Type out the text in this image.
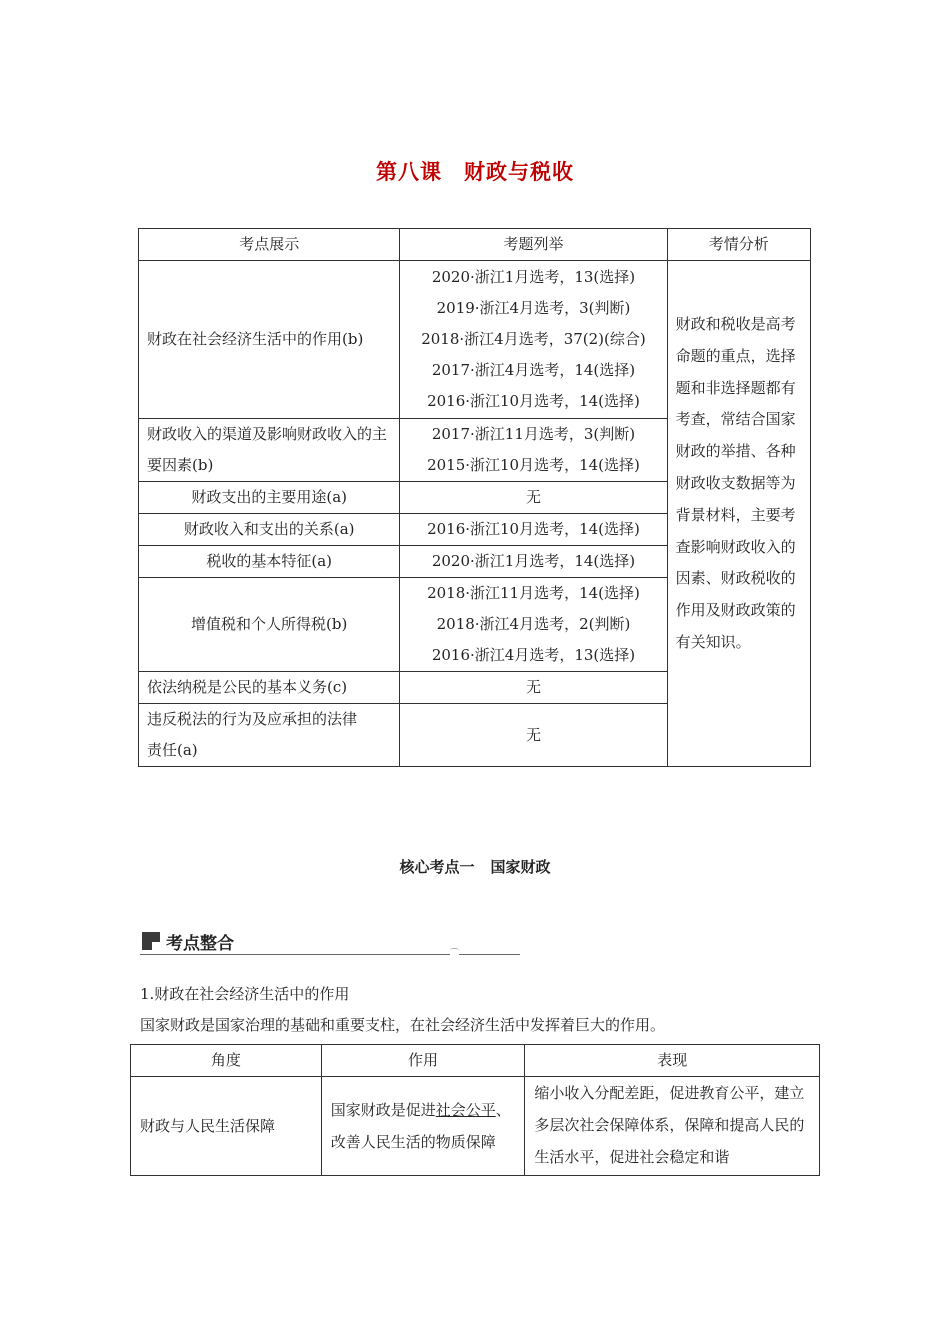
第八课 财政与税收
考点展示	考题列举	考情分析
财政在社会经济生活中的作用(b)	2020·浙江1月选考，13(选择)
2019·浙江4月选考，3(判断)
2018·浙江4月选考，37(2)(综合)
2017·浙江4月选考，14(选择)
2016·浙江10月选考，14(选择)	财政和税收是高考命题的重点，选择题和非选择题都有考查，常结合国家财政的举措、各种财政收支数据等为背景材料，主要考查影响财政收入的因素、财政税收的作用及财政政策的有关知识。
财政收入的渠道及影响财政收入的主要因素(b)	2017·浙江11月选考，3(判断)
2015·浙江10月选考，14(选择)	

财政支出的主要用途(a)	无	
财政收入和支出的关系(a)	2016·浙江10月选考，14(选择)	
税收的基本特征(a)	2020·浙江1月选考，14(选择)	
增值税和个人所得税(b)	2018·浙江11月选考，14(选择)
2018·浙江4月选考，2(判断)
2016·浙江4月选考，13(选择)	

依法纳税是公民的基本义务(c)	无	
违反税法的行为及应承担的法律责任(a)	无	
核心考点一 国家财政
考点整合	⌒
1.财政在社会经济生活中的作用
国家财政是国家治理的基础和重要支柱，在社会经济生活中发挥着巨大的作用。
角度	作用	表现
财政与人民生活保障	国家财政是促进社会公平、改善人民生活的物质保障	缩小收入分配差距，促进教育公平，建立多层次社会保障体系，保障和提高人民的生活水平，促进社会稳定和谐
